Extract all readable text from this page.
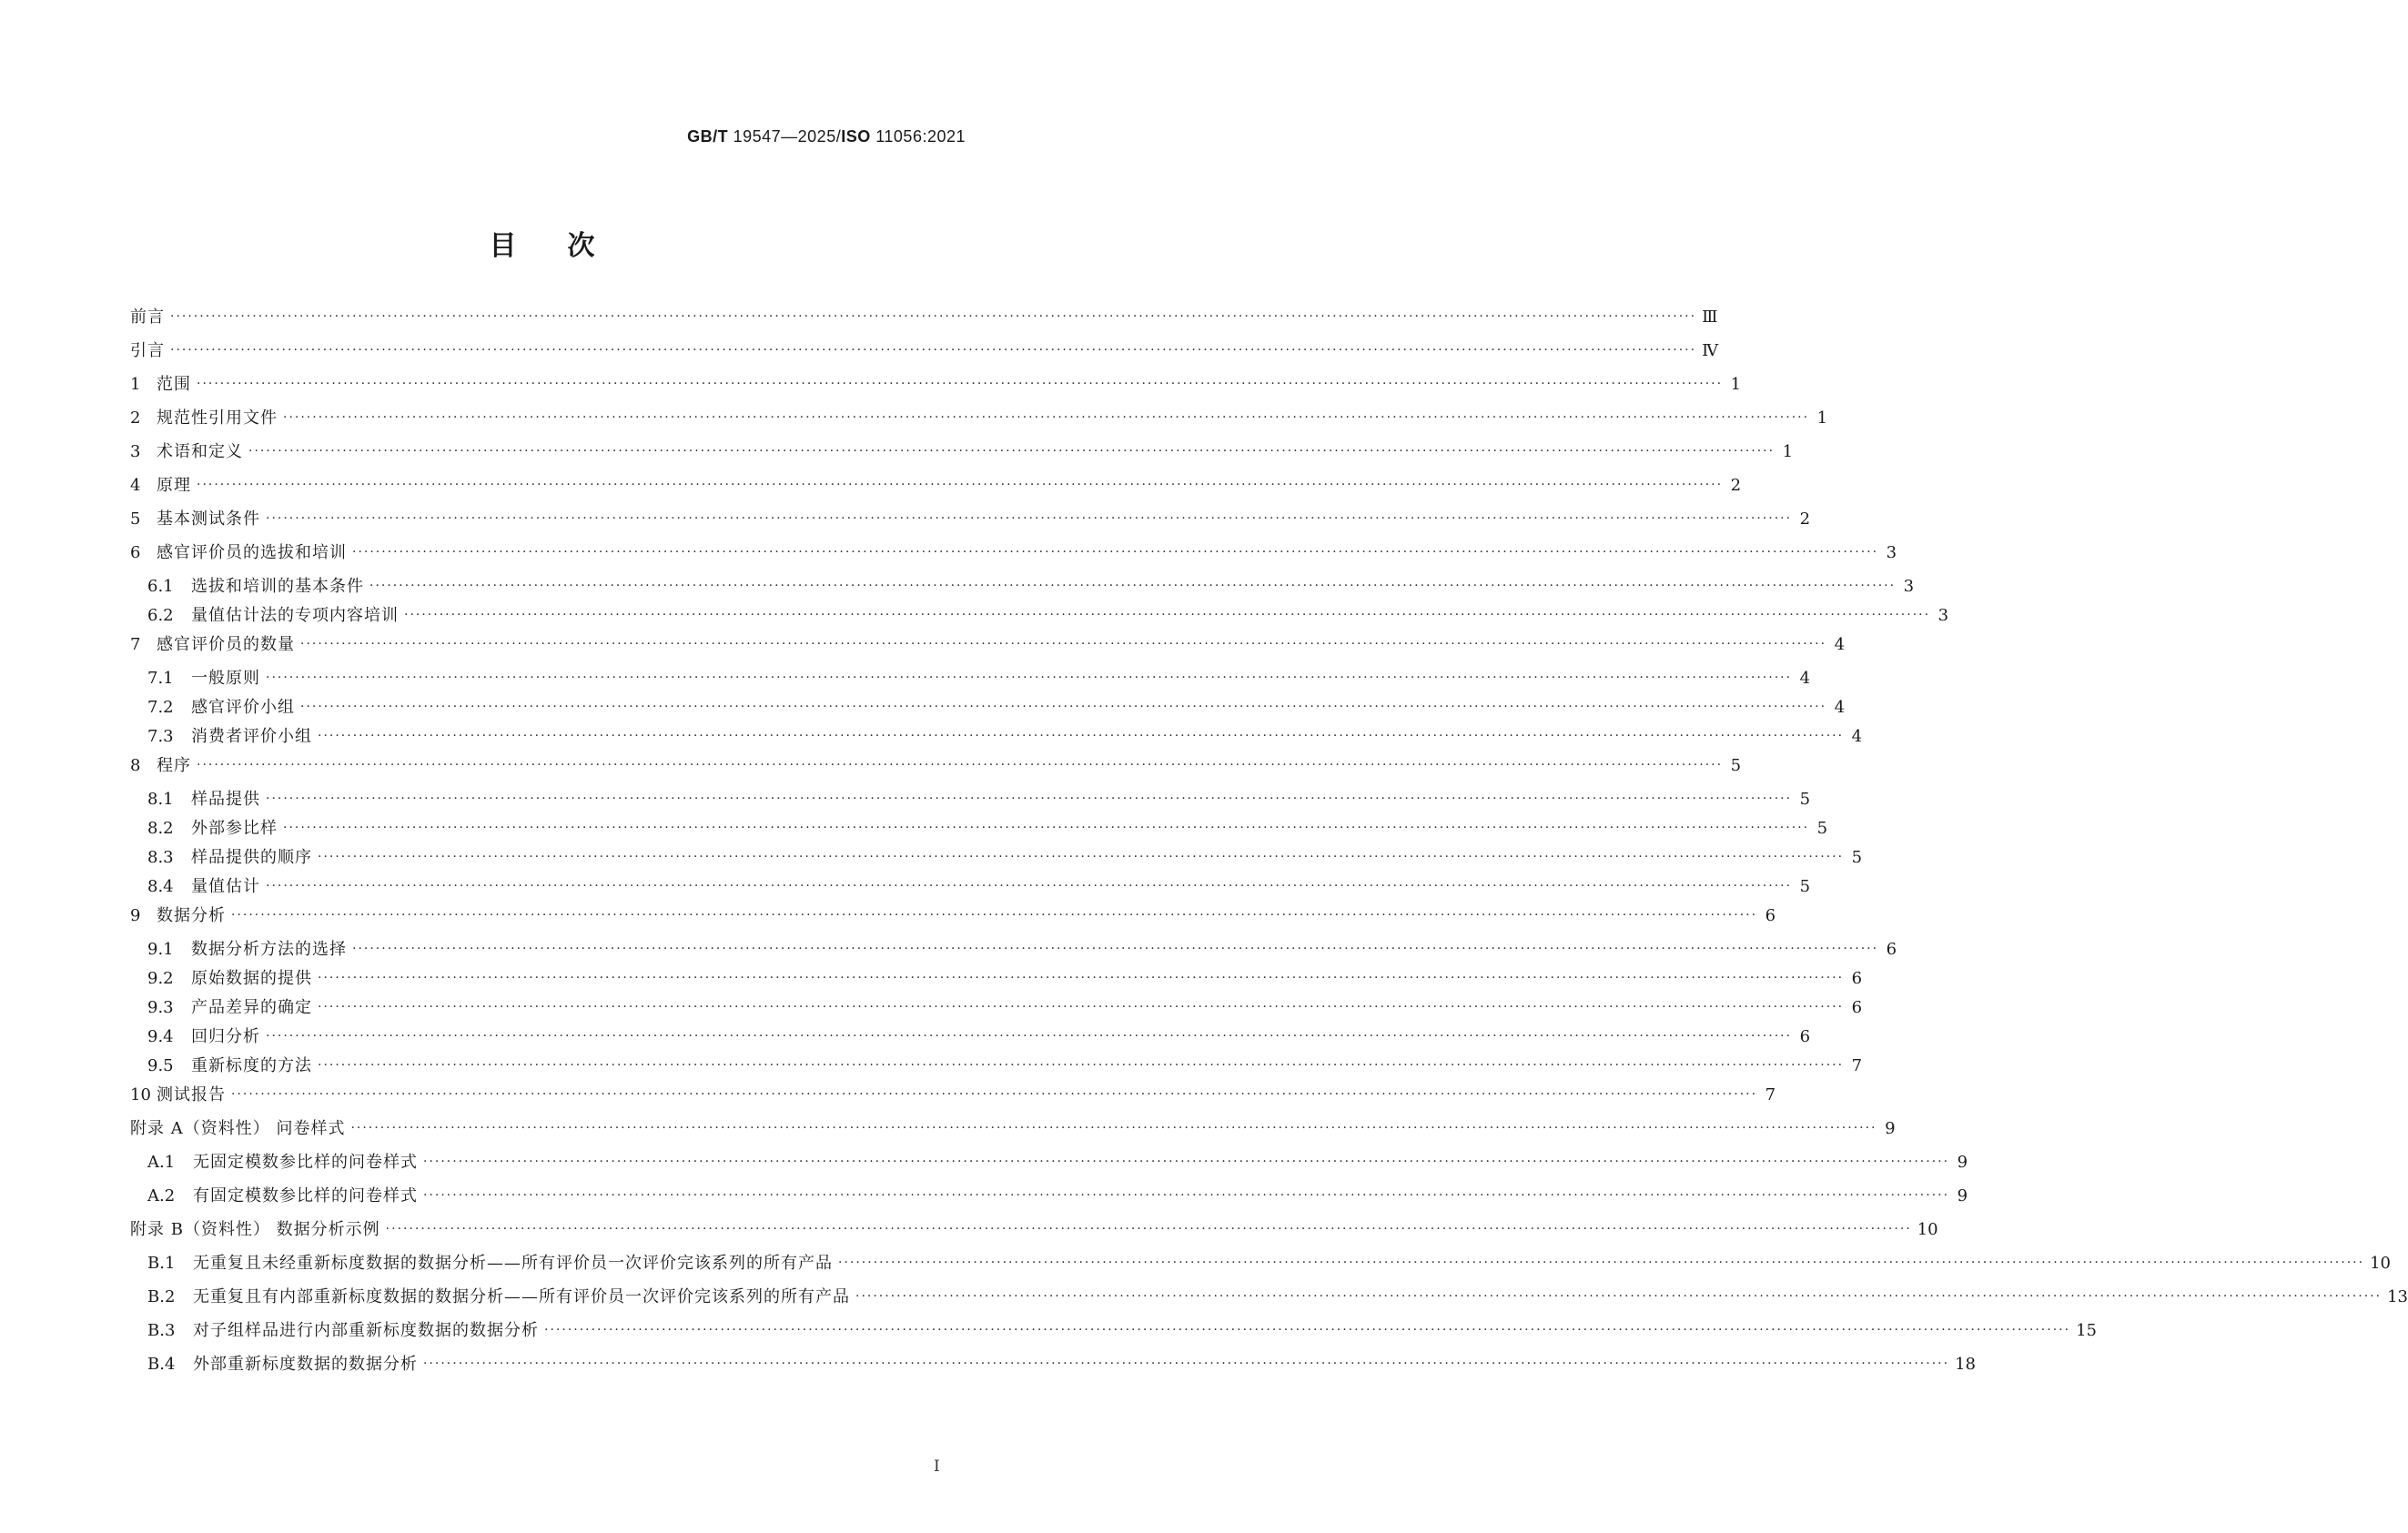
GB/T 19547—2025/ISO 11056:2021
目次
前言 ···································································································································································································································································· Ⅲ
引言 ···································································································································································································································································· Ⅳ
1 范围 ···································································································································································································································································· 1
2 规范性引用文件 ···································································································································································································································································· 1
3 术语和定义 ···································································································································································································································································· 1
4 原理 ···································································································································································································································································· 2
5 基本测试条件 ···································································································································································································································································· 2
6 感官评价员的选拔和培训 ···································································································································································································································································· 3
6.1	选拔和培训的基本条件 ···································································································································································································································································· 3
6.2	量值估计法的专项内容培训 ···································································································································································································································································· 3
7 感官评价员的数量 ···································································································································································································································································· 4
7.1	一般原则 ···································································································································································································································································· 4
7.2	感官评价小组 ···································································································································································································································································· 4
7.3	消费者评价小组 ···································································································································································································································································· 4
8 程序 ···································································································································································································································································· 5
8.1	样品提供 ···································································································································································································································································· 5
8.2	外部参比样 ···································································································································································································································································· 5
8.3	样品提供的顺序 ···································································································································································································································································· 5
8.4	量值估计 ···································································································································································································································································· 5
9 数据分析 ···································································································································································································································································· 6
9.1	数据分析方法的选择 ···································································································································································································································································· 6
9.2	原始数据的提供 ···································································································································································································································································· 6
9.3	产品差异的确定 ···································································································································································································································································· 6
9.4	回归分析 ···································································································································································································································································· 6
9.5	重新标度的方法 ···································································································································································································································································· 7
10 测试报告 ···································································································································································································································································· 7
附录 A（资料性） 问卷样式 ···································································································································································································································································· 9
A.1	无固定模数参比样的问卷样式 ···································································································································································································································································· 9
A.2	有固定模数参比样的问卷样式 ···································································································································································································································································· 9
附录 B（资料性） 数据分析示例 ···································································································································································································································································· 10
B.1	无重复且未经重新标度数据的数据分析——所有评价员一次评价完该系列的所有产品 ···································································································································································································································································· 10
B.2	无重复且有内部重新标度数据的数据分析——所有评价员一次评价完该系列的所有产品 ···································································································································································································································································· 13
B.3	对子组样品进行内部重新标度数据的数据分析 ···································································································································································································································································· 15
B.4	外部重新标度数据的数据分析 ···································································································································································································································································· 18
I
